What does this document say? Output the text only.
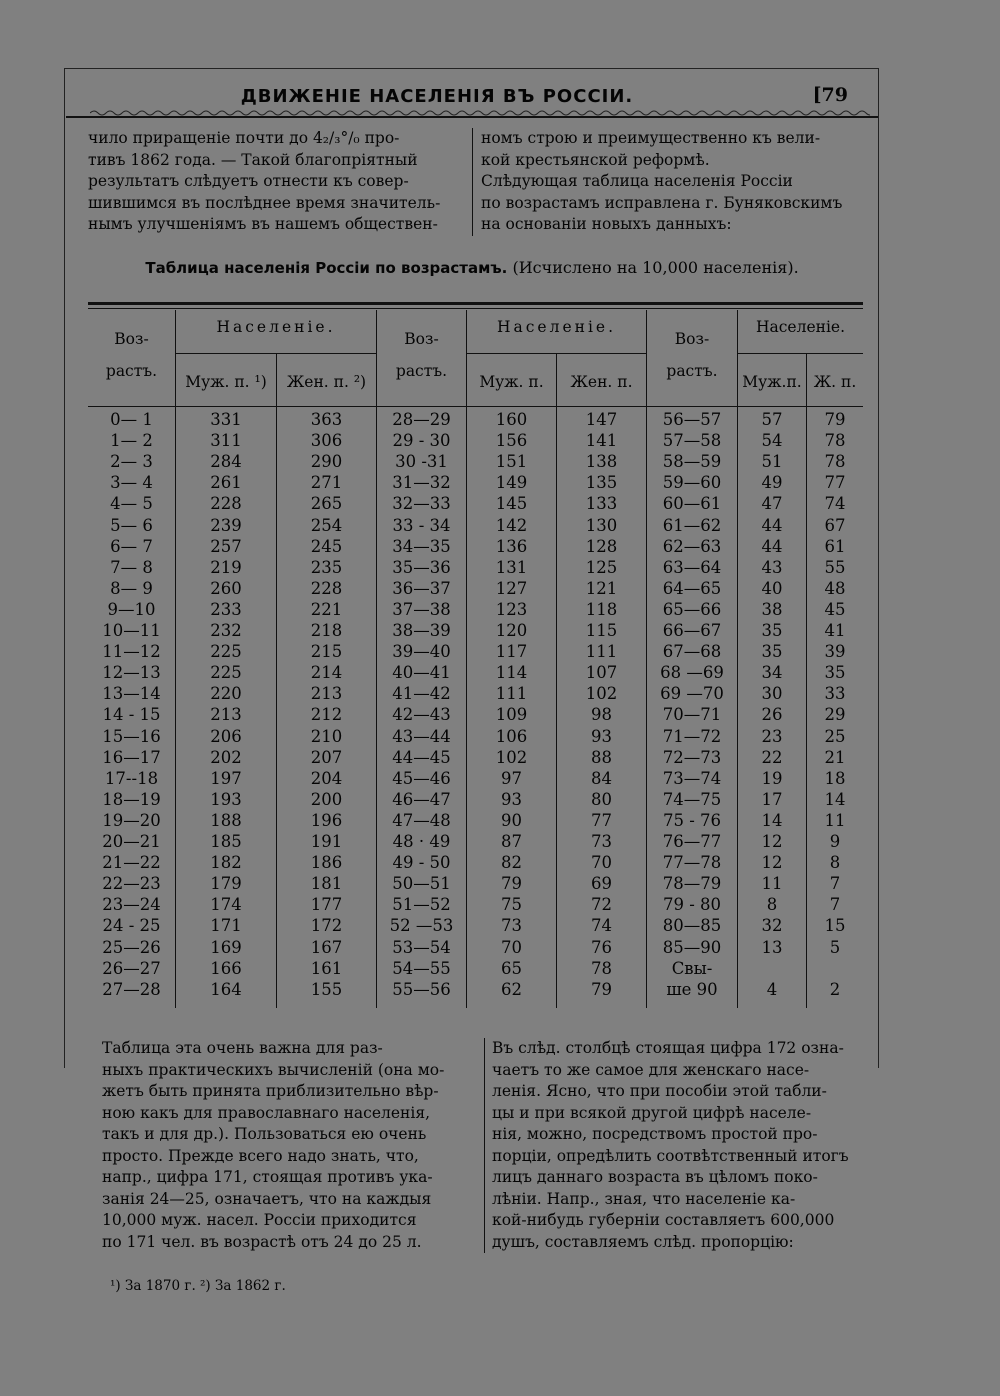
ДВИЖЕНІЕ НАСЕЛЕНІЯ ВЪ РОССІИ.	[79
чило приращеніе почти до 4₂/₃°/₀ про-
тивъ 1862 года. — Такой благопріятный
результатъ слѣдуетъ отнести къ совер-
шившимся въ послѣднее время значитель-
нымъ улучшеніямъ въ нашемъ обществен-
номъ строю и преимущественно къ вели-
кой крестьянской реформѣ.
Слѣдующая таблица населенія Россіи
по возрастамъ исправлена г. Буняковскимъ
на основаніи новыхъ данныхъ:
Таблица населенія Россіи по возрастамъ. (Исчислено на 10,000 населенія).
Воз-
растъ.
Населеніе.
Муж. п. ¹)	Жен. п. ²)
Воз-
растъ.
Населеніе.
Муж. п.	Жен. п.
Воз-
растъ.
Населеніе.
Муж.п. Ж. п.
0— 1	331	363	28—29	160	147	56—57	57	79
1— 2	311	306	29 - 30	156	141	57—58	54	78
2— 3	284	290	30 -31	151	138	58—59	51	78
3— 4	261	271	31—32	149	135	59—60	49	77
4— 5	228	265	32—33	145	133	60—61	47	74
5— 6	239	254	33 - 34	142	130	61—62	44	67
6— 7	257	245	34—35	136	128	62—63	44	61
7— 8	219	235	35—36	131	125	63—64	43	55
8— 9	260	228	36—37	127	121	64—65	40	48
9—10	233	221	37—38	123	118	65—66	38	45
10—11	232	218	38—39	120	115	66—67	35	41
11—12	225	215	39—40	117	111	67—68	35	39
12—13	225	214	40—41	114	107	68 —69	34	35
13—14	220	213	41—42	111	102	69 —70	30	33
14 - 15	213	212	42—43	109	98	70—71	26	29
15—16	206	210	43—44	106	93	71—72	23	25
16—17	202	207	44—45	102	88	72—73	22	21
17--18	197	204	45—46	97	84	73—74	19	18
18—19	193	200	46—47	93	80	74—75	17	14
19—20	188	196	47—48	90	77	75 - 76	14	11
20—21	185	191	48 · 49	87	73	76—77	12	9
21—22	182	186	49 - 50	82	70	77—78	12	8
22—23	179	181	50—51	79	69	78—79	11	7
23—24	174	177	51—52	75	72	79 - 80	8	7
24 - 25	171	172	52 —53	73	74	80—85	32	15
25—26	169	167	53—54	70	76	85—90	13	5
26—27	166	161	54—55	65	78	Свы-
27—28	164	155	55—56	62	79	ше 90	4	2
Таблица эта очень важна для раз-
ныхъ практическихъ вычисленій (она мо-
жетъ быть принята приблизительно вѣр-
ною какъ для православнаго населенія,
такъ и для др.). Пользоваться ею очень
просто. Прежде всего надо знать, что,
напр., цифра 171, стоящая противъ ука-
занія 24—25, означаетъ, что на каждыя
10,000 муж. насел. Россіи приходится
по 171 чел. въ возрастѣ отъ 24 до 25 л.
Въ слѣд. столбцѣ стоящая цифра 172 озна-
чаетъ то же самое для женскаго насе-
ленія. Ясно, что при пособіи этой табли-
цы и при всякой другой цифрѣ населе-
нія, можно, посредствомъ простой про-
порціи, опредѣлить соотвѣтственный итогъ
лицъ даннаго возраста въ цѣломъ поко-
лѣніи. Напр., зная, что населеніе ка-
кой-нибудь губерніи составляетъ 600,000
душъ, составляемъ слѣд. пропорцію:
¹) За 1870 г. ²) За 1862 г.
